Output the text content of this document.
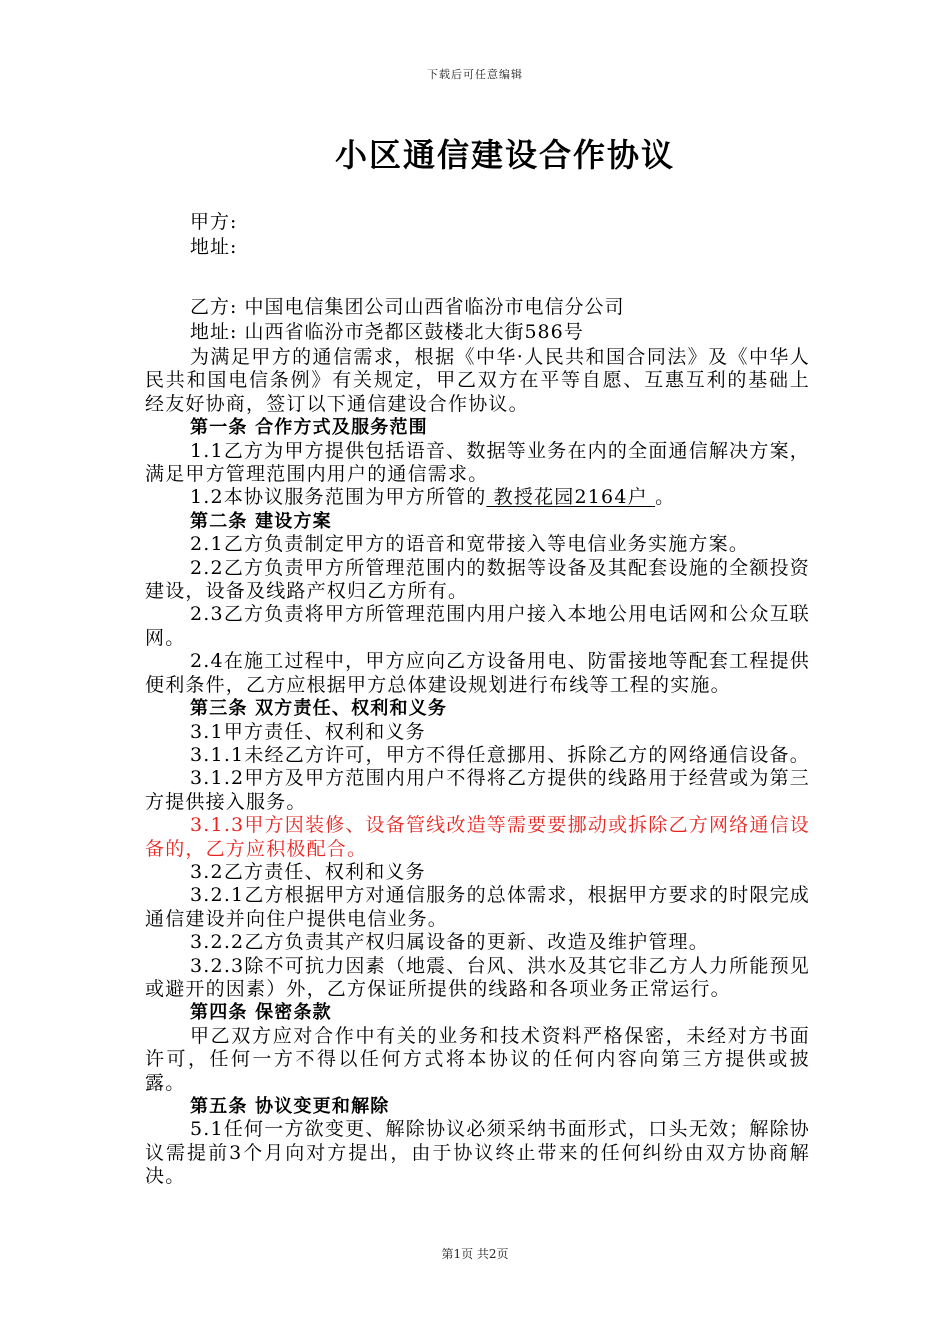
下载后可任意编辑
小区通信建设合作协议
甲方:
地址:
乙方: 中国电信集团公司山西省临汾市电信分公司
地址: 山西省临汾市尧都区鼓楼北大街586号

为满足甲方的通信需求，根据《中华·人民共和国合同法》及《中华人民共和国电信条例》有关规定，甲乙双方在平等自愿、互惠互利的基础上经友好协商，签订以下通信建设合作协议。

第一条 合作方式及服务范围

1.1乙方为甲方提供包括语音、数据等业务在内的全面通信解决方案，满足甲方管理范围内用户的通信需求。

1.2本协议服务范围为甲方所管的 教授花园2164户 。

第二条 建设方案

2.1乙方负责制定甲方的语音和宽带接入等电信业务实施方案。

2.2乙方负责甲方所管理范围内的数据等设备及其配套设施的全额投资建设，设备及线路产权归乙方所有。

2.3乙方负责将甲方所管理范围内用户接入本地公用电话网和公众互联网。

2.4在施工过程中，甲方应向乙方设备用电、防雷接地等配套工程提供便利条件，乙方应根据甲方总体建设规划进行布线等工程的实施。

第三条 双方责任、权利和义务

3.1甲方责任、权利和义务

3.1.1未经乙方许可，甲方不得任意挪用、拆除乙方的网络通信设备。

3.1.2甲方及甲方范围内用户不得将乙方提供的线路用于经营或为第三方提供接入服务。

3.1.3甲方因装修、设备管线改造等需要要挪动或拆除乙方网络通信设备的，乙方应积极配合。

3.2乙方责任、权利和义务

3.2.1乙方根据甲方对通信服务的总体需求，根据甲方要求的时限完成通信建设并向住户提供电信业务。

3.2.2乙方负责其产权归属设备的更新、改造及维护管理。

3.2.3除不可抗力因素（地震、台风、洪水及其它非乙方人力所能预见或避开的因素）外，乙方保证所提供的线路和各项业务正常运行。

第四条 保密条款

甲乙双方应对合作中有关的业务和技术资料严格保密，未经对方书面许可，任何一方不得以任何方式将本协议的任何内容向第三方提供或披露。

第五条 协议变更和解除

5.1任何一方欲变更、解除协议必须采纳书面形式，口头无效；解除协议需提前3个月向对方提出，由于协议终止带来的任何纠纷由双方协商解决。

第1页 共2页
